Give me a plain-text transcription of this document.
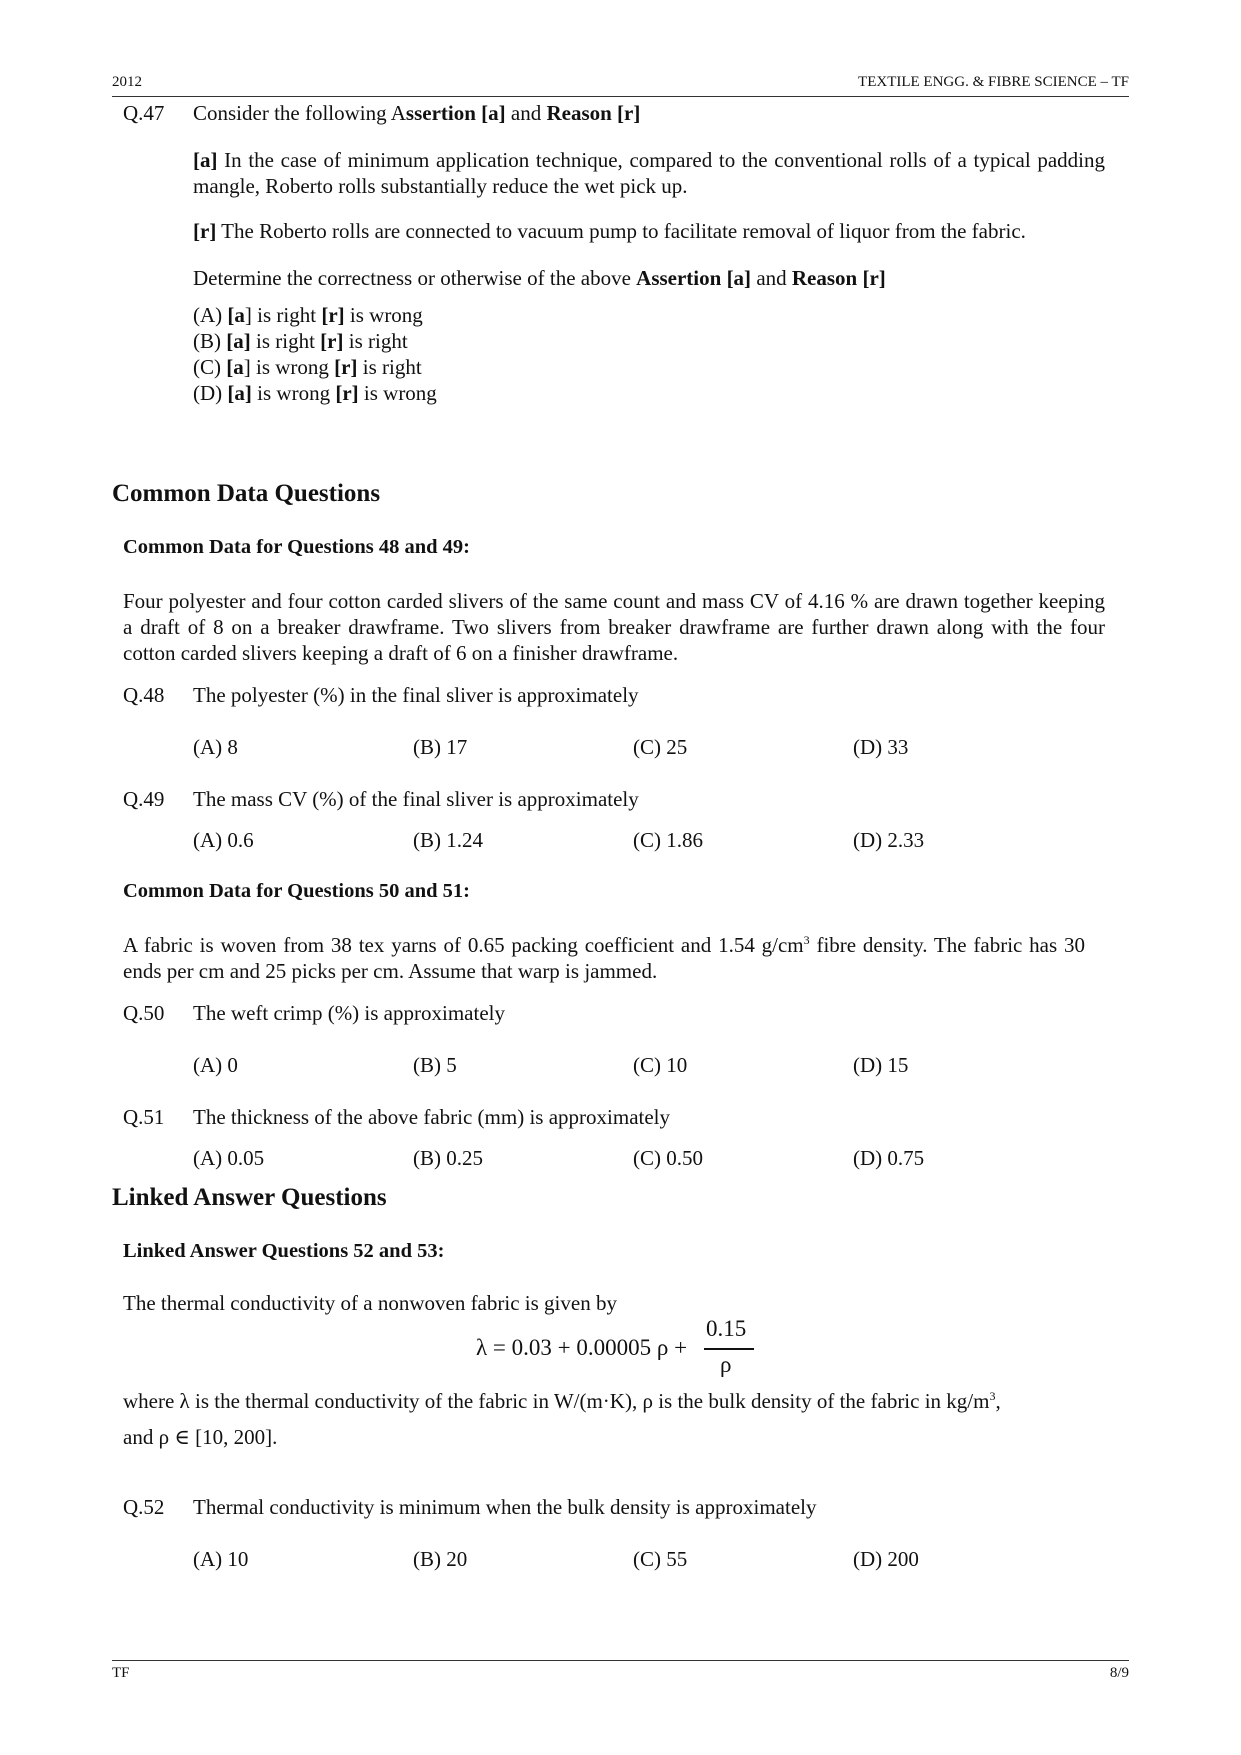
2012	TEXTILE ENGG. & FIBRE SCIENCE – TF
Q.47 Consider the following Assertion [a] and Reason [r]
[a] In the case of minimum application technique, compared to the conventional rolls of a typical padding mangle, Roberto rolls substantially reduce the wet pick up.
[r] The Roberto rolls are connected to vacuum pump to facilitate removal of liquor from the fabric.
Determine the correctness or otherwise of the above Assertion [a] and Reason [r]
(A) [a] is right [r] is wrong
(B) [a] is right [r] is right
(C) [a] is wrong [r] is right
(D) [a] is wrong [r] is wrong
Common Data Questions
Common Data for Questions 48 and 49:
Four polyester and four cotton carded slivers of the same count and mass CV of 4.16 % are drawn together keeping a draft of 8 on a breaker drawframe. Two slivers from breaker drawframe are further drawn along with the four cotton carded slivers keeping a draft of 6 on a finisher drawframe.
Q.48 The polyester (%) in the final sliver is approximately
(A) 8	(B) 17	(C) 25	(D) 33
Q.49 The mass CV (%) of the final sliver is approximately
(A) 0.6	(B) 1.24	(C) 1.86	(D) 2.33
Common Data for Questions 50 and 51:
A fabric is woven from 38 tex yarns of 0.65 packing coefficient and 1.54 $g/cm^3$ fibre density. The fabric has 30 ends per cm and 25 picks per cm. Assume that warp is jammed.
Q.50 The weft crimp (%) is approximately
(A) 0	(B) 5	(C) 10	(D) 15
Q.51 The thickness of the above fabric (mm) is approximately
(A) 0.05	(B) 0.25	(C) 0.50	(D) 0.75
Linked Answer Questions
Linked Answer Questions 52 and 53:
The thermal conductivity of a nonwoven fabric is given by
λ = 0.03 + 0.00005 ρ +
0.15
ρ
where λ is the thermal conductivity of the fabric in W/(m·K), ρ is the bulk density of the fabric in $kg/m^3$,
and ρ ∈ [10, 200].
Q.52 Thermal conductivity is minimum when the bulk density is approximately
(A) 10	(B) 20	(C) 55	(D) 200
TF	8/9
